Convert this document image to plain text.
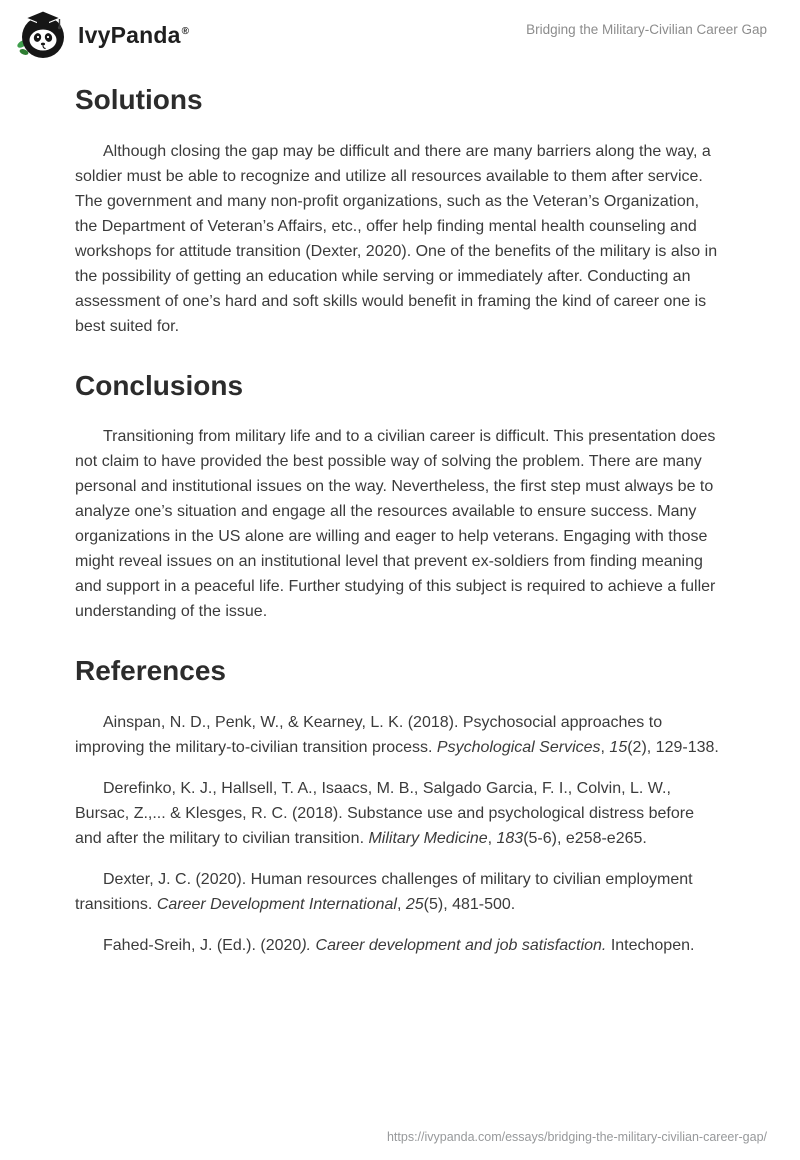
IvyPanda®	Bridging the Military-Civilian Career Gap
Solutions

Although closing the gap may be difficult and there are many barriers along the way, a soldier must be able to recognize and utilize all resources available to them after service. The government and many non-profit organizations, such as the Veteran’s Organization, the Department of Veteran’s Affairs, etc., offer help finding mental health counseling and workshops for attitude transition (Dexter, 2020). One of the benefits of the military is also in the possibility of getting an education while serving or immediately after. Conducting an assessment of one’s hard and soft skills would benefit in framing the kind of career one is best suited for.

Conclusions

Transitioning from military life and to a civilian career is difficult. This presentation does not claim to have provided the best possible way of solving the problem. There are many personal and institutional issues on the way. Nevertheless, the first step must always be to analyze one’s situation and engage all the resources available to ensure success. Many organizations in the US alone are willing and eager to help veterans. Engaging with those might reveal issues on an institutional level that prevent ex-soldiers from finding meaning and support in a peaceful life. Further studying of this subject is required to achieve a fuller understanding of the issue.

References

Ainspan, N. D., Penk, W., & Kearney, L. K. (2018). Psychosocial approaches to improving the military-to-civilian transition process. Psychological Services, 15(2), 129-138.

Derefinko, K. J., Hallsell, T. A., Isaacs, M. B., Salgado Garcia, F. I., Colvin, L. W., Bursac, Z.,... & Klesges, R. C. (2018). Substance use and psychological distress before and after the military to civilian transition. Military Medicine, 183(5-6), e258-e265.

Dexter, J. C. (2020). Human resources challenges of military to civilian employment transitions. Career Development International, 25(5), 481-500.

Fahed-Sreih, J. (Ed.). (2020). Career development and job satisfaction. Intechopen.

https://ivypanda.com/essays/bridging-the-military-civilian-career-gap/
